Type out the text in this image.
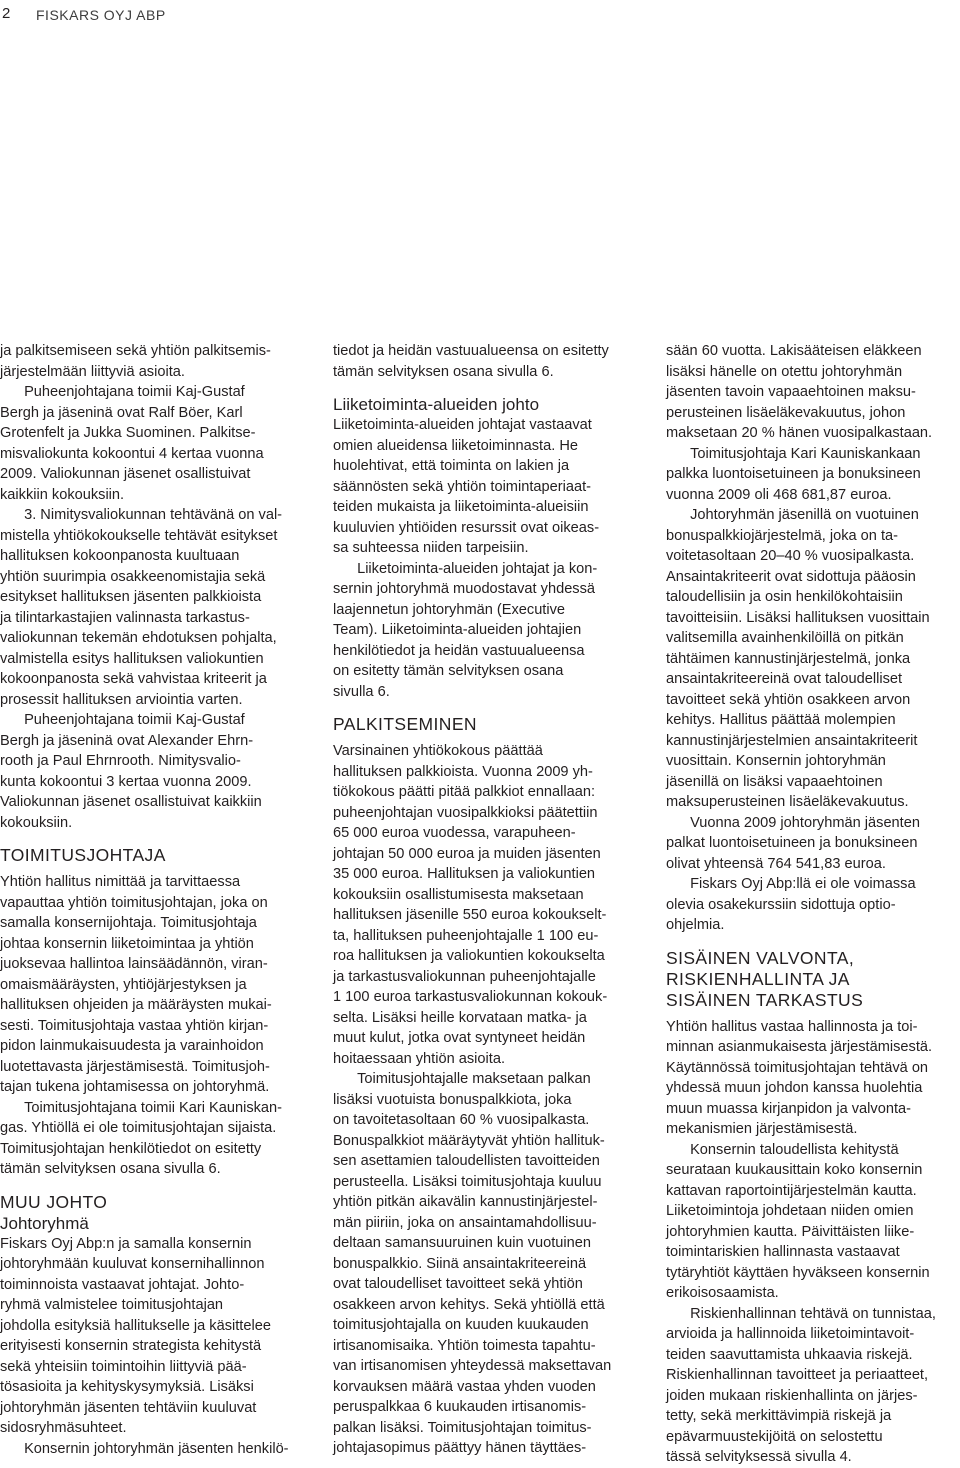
2 FISKARS OYJ ABP

ja palkitsemiseen sekä yhtiön palkitsemis-
järjestelmään liittyviä asioita.

Puheenjohtajana toimii Kaj-Gustaf
Bergh ja jäseninä ovat Ralf Böer, Karl
Grotenfelt ja Jukka Suominen. Palkitse-
misvaliokunta kokoontui 4 kertaa vuonna
2009. Valiokunnan jäsenet osallistuivat
kaikkiin kokouksiin.

3. Nimitysvaliokunnan tehtävänä on val-
mistella yhtiökokoukselle tehtävät esitykset
hallituksen kokoonpanosta kuultuaan
yhtiön suurimpia osakkeenomistajia sekä
esitykset hallituksen jäsenten palkkioista
ja tilintarkastajien valinnasta tarkastus-
valiokunnan tekemän ehdotuksen pohjalta,
valmistella esitys hallituksen valiokuntien
kokoonpanosta sekä vahvistaa kriteerit ja
prosessit hallituksen arviointia varten.

Puheenjohtajana toimii Kaj-Gustaf
Bergh ja jäseninä ovat Alexander Ehrn-
rooth ja Paul Ehrnrooth. Nimitysvalio-
kunta kokoontui 3 kertaa vuonna 2009.
Valiokunnan jäsenet osallistuivat kaikkiin
kokouksiin.

TOIMITUSJOHTAJA

Yhtiön hallitus nimittää ja tarvittaessa
vapauttaa yhtiön toimitusjohtajan, joka on
samalla konsernijohtaja. Toimitusjohtaja
johtaa konsernin liiketoimintaa ja yhtiön
juoksevaa hallintoa lainsäädännön, viran-
omaismääräysten, yhtiöjärjestyksen ja
hallituksen ohjeiden ja määräysten mukai-
sesti. Toimitusjohtaja vastaa yhtiön kirjan-
pidon lainmukaisuudesta ja varainhoidon
luotettavasta järjestämisestä. Toimitusjoh-
tajan tukena johtamisessa on johtoryhmä.

Toimitusjohtajana toimii Kari Kauniskan-
gas. Yhtiöllä ei ole toimitusjohtajan sijaista.
Toimitusjohtajan henkilötiedot on esitetty
tämän selvityksen osana sivulla 6.

MUU JOHTO
Johtoryhmä

Fiskars Oyj Abp:n ja samalla konsernin
johtoryhmään kuuluvat konsernihallinnon
toiminnoista vastaavat johtajat. Johto-
ryhmä valmistelee toimitusjohtajan
johdolla esityksiä hallitukselle ja käsittelee
erityisesti konsernin strategista kehitystä
sekä yhteisiin toimintoihin liittyviä pää-
tösasioita ja kehityskysymyksiä. Lisäksi
johtoryhmän jäsenten tehtäviin kuuluvat
sidosryhmäsuhteet.

Konsernin johtoryhmän jäsenten henkilö-

tiedot ja heidän vastuualueensa on esitetty
tämän selvityksen osana sivulla 6.

Liiketoiminta-alueiden johto

Liiketoiminta-alueiden johtajat vastaavat
omien alueidensa liiketoiminnasta. He
huolehtivat, että toiminta on lakien ja
säännösten sekä yhtiön toimintaperiaat-
teiden mukaista ja liiketoiminta-alueisiin
kuuluvien yhtiöiden resurssit ovat oikeas-
sa suhteessa niiden tarpeisiin.

Liiketoiminta-alueiden johtajat ja kon-
sernin johtoryhmä muodostavat yhdessä
laajennetun johtoryhmän (Executive
Team). Liiketoiminta-alueiden johtajien
henkilötiedot ja heidän vastuualueensa
on esitetty tämän selvityksen osana
sivulla 6.

PALKITSEMINEN

Varsinainen yhtiökokous päättää
hallituksen palkkioista. Vuonna 2009 yh-
tiökokous päätti pitää palkkiot ennallaan:
puheenjohtajan vuosipalkkioksi päätettiin
65 000 euroa vuodessa, varapuheen-
johtajan 50 000 euroa ja muiden jäsenten
35 000 euroa. Hallituksen ja valiokuntien
kokouksiin osallistumisesta maksetaan
hallituksen jäsenille 550 euroa kokoukselt-
ta, hallituksen puheenjohtajalle 1 100 eu-
roa hallituksen ja valiokuntien kokoukselta
ja tarkastusvaliokunnan puheenjohtajalle
1 100 euroa tarkastusvaliokunnan kokouk-
selta. Lisäksi heille korvataan matka- ja
muut kulut, jotka ovat syntyneet heidän
hoitaessaan yhtiön asioita.

Toimitusjohtajalle maksetaan palkan
lisäksi vuotuista bonuspalkkiota, joka
on tavoitetasoltaan 60 % vuosipalkasta.
Bonuspalkkiot määräytyvät yhtiön hallituk-
sen asettamien taloudellisten tavoitteiden
perusteella. Lisäksi toimitusjohtaja kuuluu
yhtiön pitkän aikavälin kannustinjärjestel-
män piiriin, joka on ansaintamahdollisuu-
deltaan samansuuruinen kuin vuotuinen
bonuspalkkio. Siinä ansaintakriteereinä
ovat taloudelliset tavoitteet sekä yhtiön
osakkeen arvon kehitys. Sekä yhtiöllä että
toimitusjohtajalla on kuuden kuukauden
irtisanomisaika. Yhtiön toimesta tapahtu-
van irtisanomisen yhteydessä maksettavan
korvauksen määrä vastaa yhden vuoden
peruspalkkaa 6 kuukauden irtisanomis-
palkan lisäksi. Toimitusjohtajan toimitus-
johtajasopimus päättyy hänen täyttäes-

sään 60 vuotta. Lakisääteisen eläkkeen
lisäksi hänelle on otettu johtoryhmän
jäsenten tavoin vapaaehtoinen maksu-
perusteinen lisäeläkevakuutus, johon
maksetaan 20 % hänen vuosipalkastaan.

Toimitusjohtaja Kari Kauniskankaan
palkka luontoisetuineen ja bonuksineen
vuonna 2009 oli 468 681,87 euroa.

Johtoryhmän jäsenillä on vuotuinen
bonuspalkkiojärjestelmä, joka on ta-
voitetasoltaan 20–40 % vuosipalkasta.
Ansaintakriteerit ovat sidottuja pääosin
taloudellisiin ja osin henkilökohtaisiin
tavoitteisiin. Lisäksi hallituksen vuosittain
valitsemilla avainhenkilöillä on pitkän
tähtäimen kannustinjärjestelmä, jonka
ansaintakriteereinä ovat taloudelliset
tavoitteet sekä yhtiön osakkeen arvon
kehitys. Hallitus päättää molempien
kannustinjärjestelmien ansaintakriteerit
vuosittain. Konsernin johtoryhmän
jäsenillä on lisäksi vapaaehtoinen
maksuperusteinen lisäeläkevakuutus.

Vuonna 2009 johtoryhmän jäsenten
palkat luontoisetuineen ja bonuksineen
olivat yhteensä 764 541,83 euroa.

Fiskars Oyj Abp:llä ei ole voimassa
olevia osakekurssiin sidottuja optio-
ohjelmia.

SISÄINEN VALVONTA,
RISKIENHALLINTA JA
SISÄINEN TARKASTUS

Yhtiön hallitus vastaa hallinnosta ja toi-
minnan asianmukaisesta järjestämisestä.
Käytännössä toimitusjohtajan tehtävä on
yhdessä muun johdon kanssa huolehtia
muun muassa kirjanpidon ja valvonta-
mekanismien järjestämisestä.

Konsernin taloudellista kehitystä
seurataan kuukausittain koko konsernin
kattavan raportointijärjestelmän kautta.
Liiketoimintoja johdetaan niiden omien
johtoryhmien kautta. Päivittäisten liike-
toimintariskien hallinnasta vastaavat
tytäryhtiöt käyttäen hyväkseen konsernin
erikoisosaamista.

Riskienhallinnan tehtävä on tunnistaa,
arvioida ja hallinnoida liiketoimintavoit-
teiden saavuttamista uhkaavia riskejä.
Riskienhallinnan tavoitteet ja periaatteet,
joiden mukaan riskienhallinta on järjes-
tetty, sekä merkittävimpiä riskejä ja
epävarmuustekijöitä on selostettu
tässä selvityksessä sivulla 4.
